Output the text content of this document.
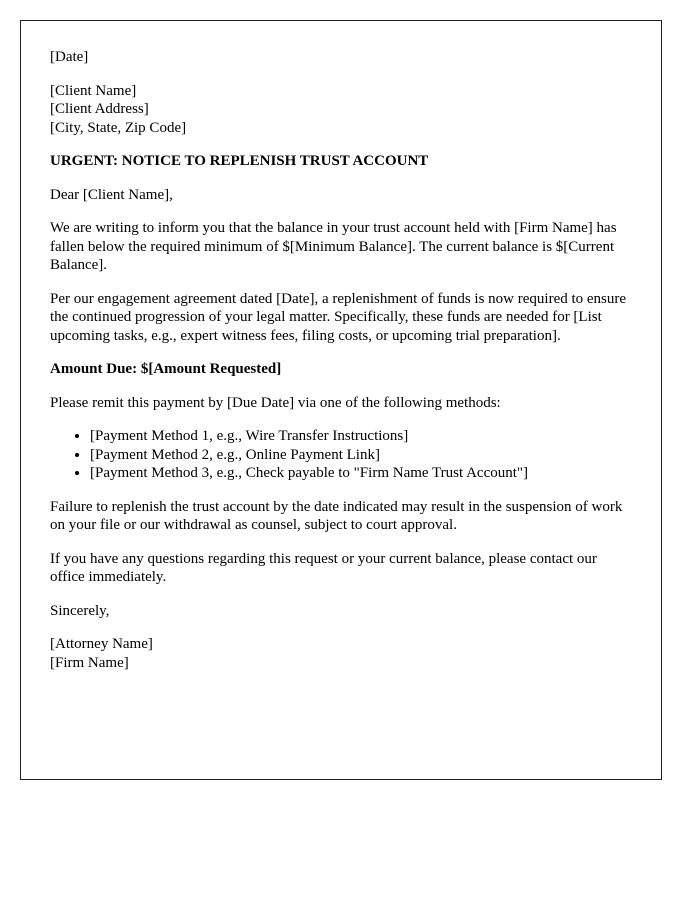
[Date]

[Client Name]
[Client Address]
[City, State, Zip Code]

URGENT: NOTICE TO REPLENISH TRUST ACCOUNT

Dear [Client Name],

We are writing to inform you that the balance in your trust account held with [Firm Name] has fallen below the required minimum of $[Minimum Balance]. The current balance is $[Current Balance].

Per our engagement agreement dated [Date], a replenishment of funds is now required to ensure the continued progression of your legal matter. Specifically, these funds are needed for [List upcoming tasks, e.g., expert witness fees, filing costs, or upcoming trial preparation].

Amount Due: $[Amount Requested]

Please remit this payment by [Due Date] via one of the following methods:

• [Payment Method 1, e.g., Wire Transfer Instructions]
• [Payment Method 2, e.g., Online Payment Link]
• [Payment Method 3, e.g., Check payable to "Firm Name Trust Account"]

Failure to replenish the trust account by the date indicated may result in the suspension of work on your file or our withdrawal as counsel, subject to court approval.

If you have any questions regarding this request or your current balance, please contact our office immediately.

Sincerely,

[Attorney Name]
[Firm Name]
